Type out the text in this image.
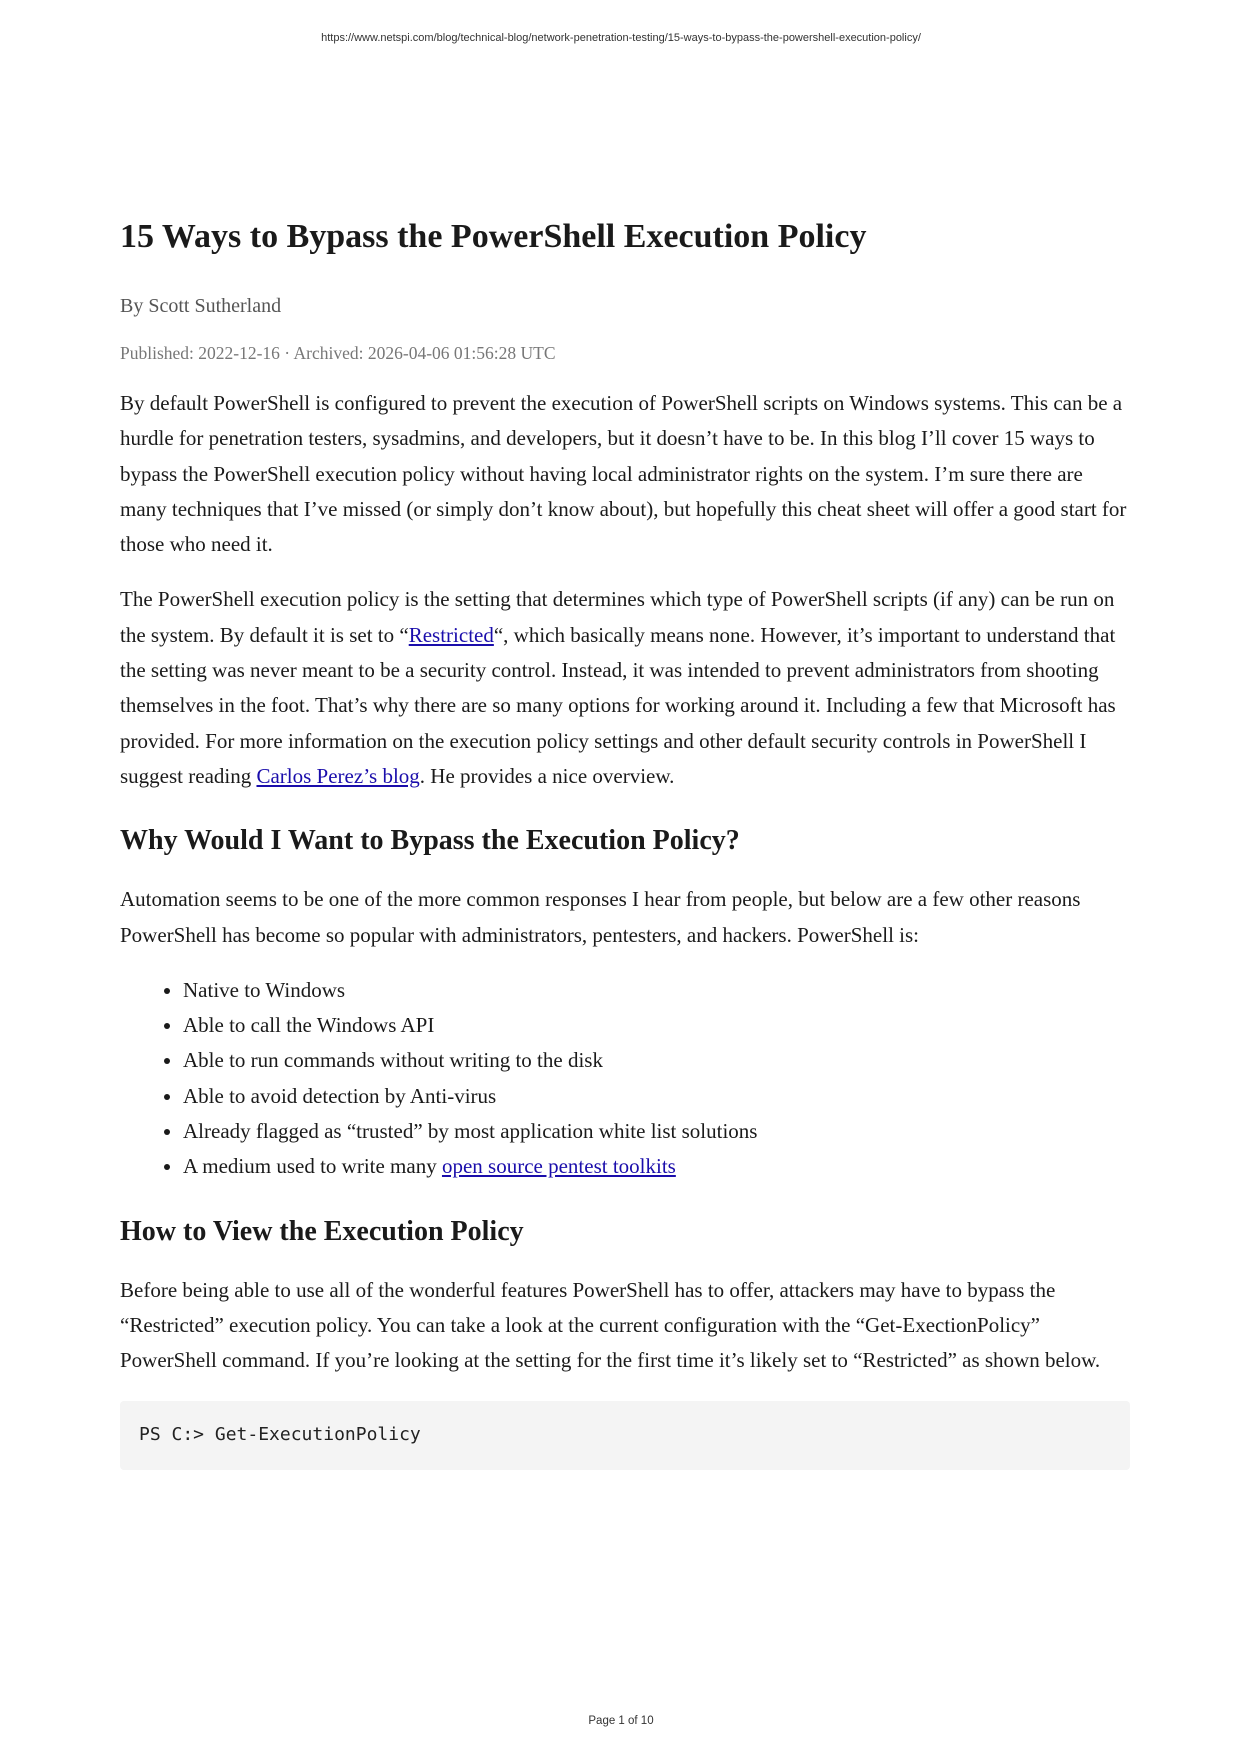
https://www.netspi.com/blog/technical-blog/network-penetration-testing/15-ways-to-bypass-the-powershell-execution-policy/
15 Ways to Bypass the PowerShell Execution Policy
By Scott Sutherland
Published: 2022-12-16 · Archived: 2026-04-06 01:56:28 UTC

By default PowerShell is configured to prevent the execution of PowerShell scripts on Windows systems. This can be a hurdle for penetration testers, sysadmins, and developers, but it doesn’t have to be. In this blog I’ll cover 15 ways to bypass the PowerShell execution policy without having local administrator rights on the system. I’m sure there are many techniques that I’ve missed (or simply don’t know about), but hopefully this cheat sheet will offer a good start for those who need it.

The PowerShell execution policy is the setting that determines which type of PowerShell scripts (if any) can be run on the system. By default it is set to “Restricted“, which basically means none. However, it’s important to understand that the setting was never meant to be a security control. Instead, it was intended to prevent administrators from shooting themselves in the foot. That’s why there are so many options for working around it. Including a few that Microsoft has provided. For more information on the execution policy settings and other default security controls in PowerShell I suggest reading Carlos Perez’s blog. He provides a nice overview.

Why Would I Want to Bypass the Execution Policy?

Automation seems to be one of the more common responses I hear from people, but below are a few other reasons PowerShell has become so popular with administrators, pentesters, and hackers. PowerShell is:

• Native to Windows
• Able to call the Windows API
• Able to run commands without writing to the disk
• Able to avoid detection by Anti-virus
• Already flagged as “trusted” by most application white list solutions
• A medium used to write many open source pentest toolkits
How to View the Execution Policy

Before being able to use all of the wonderful features PowerShell has to offer, attackers may have to bypass the “Restricted” execution policy. You can take a look at the current configuration with the “Get-ExectionPolicy” PowerShell command. If you’re looking at the setting for the first time it’s likely set to “Restricted” as shown below.

PS C:> Get-ExecutionPolicy
Page 1 of 10
